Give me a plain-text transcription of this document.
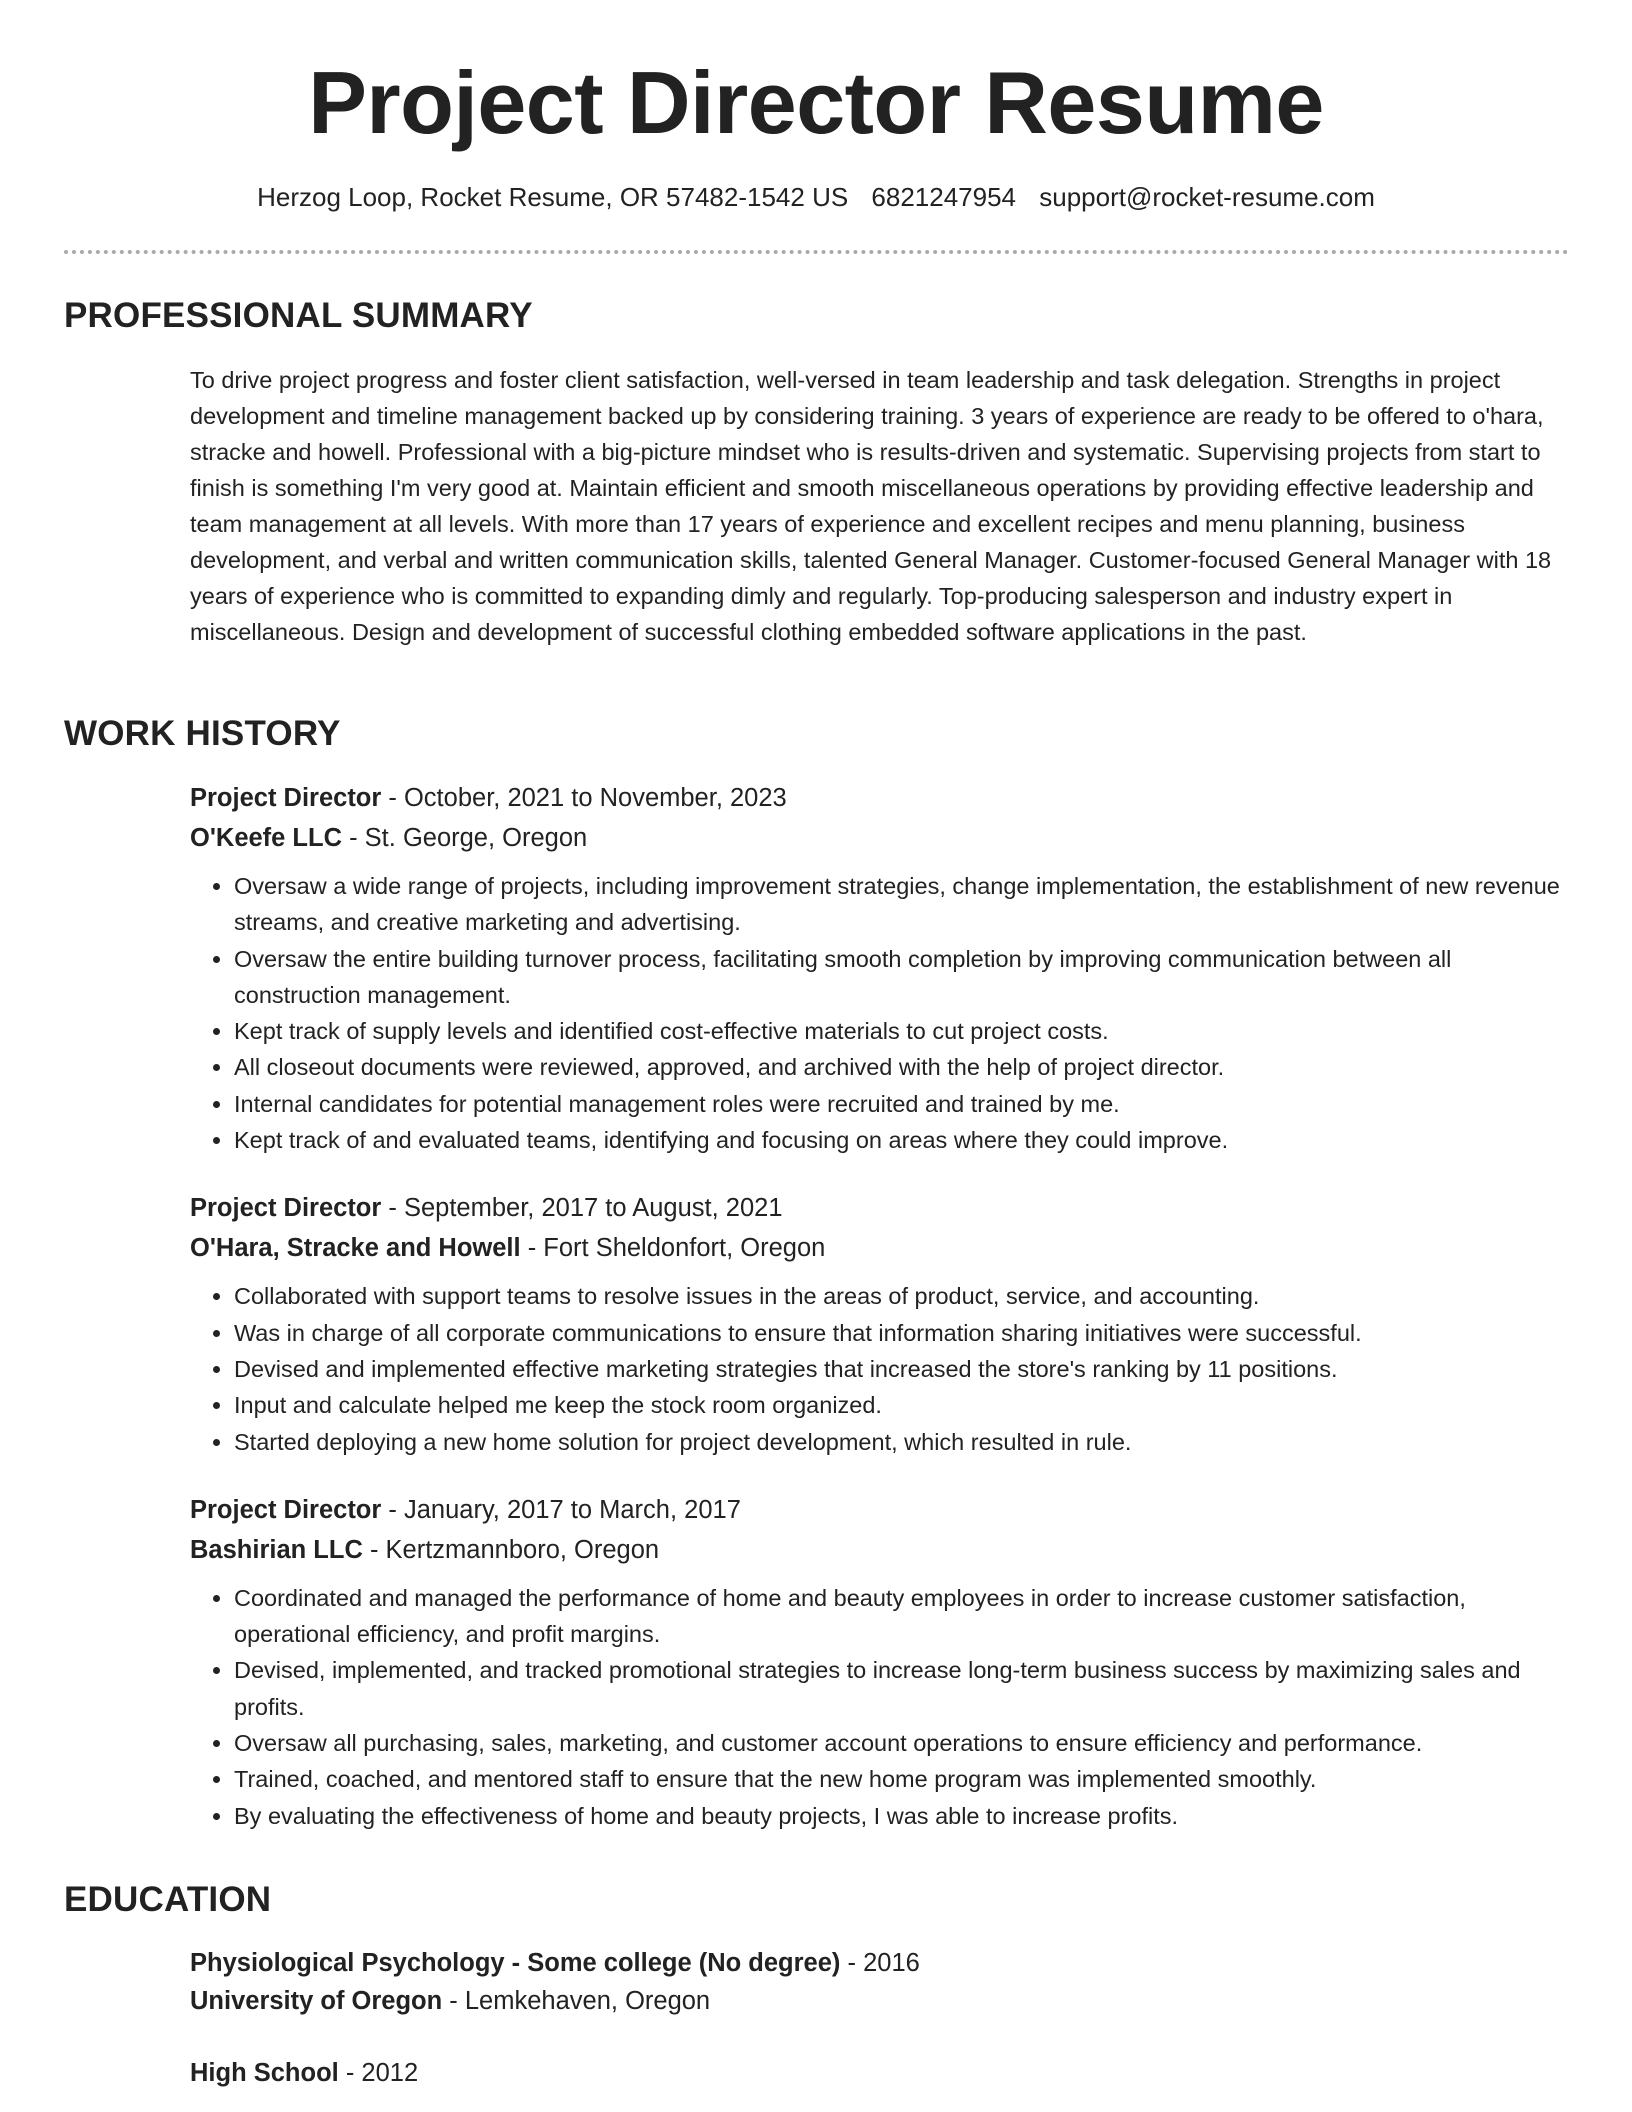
Project Director Resume
Herzog Loop, Rocket Resume, OR 57482-1542 US 6821247954 support@rocket-resume.com
PROFESSIONAL SUMMARY

To drive project progress and foster client satisfaction, well-versed in team leadership and task delegation. Strengths in project development and timeline management backed up by considering training. 3 years of experience are ready to be offered to o'hara, stracke and howell. Professional with a big-picture mindset who is results-driven and systematic. Supervising projects from start to finish is something I'm very good at. Maintain efficient and smooth miscellaneous operations by providing effective leadership and team management at all levels. With more than 17 years of experience and excellent recipes and menu planning, business development, and verbal and written communication skills, talented General Manager. Customer-focused General Manager with 18 years of experience who is committed to expanding dimly and regularly. Top-producing salesperson and industry expert in miscellaneous. Design and development of successful clothing embedded software applications in the past.

WORK HISTORY
Project Director - October, 2021 to November, 2023
O'Keefe LLC - St. George, Oregon
• Oversaw a wide range of projects, including improvement strategies, change implementation, the establishment of new revenue streams, and creative marketing and advertising.
• Oversaw the entire building turnover process, facilitating smooth completion by improving communication between all construction management.
• Kept track of supply levels and identified cost-effective materials to cut project costs.
• All closeout documents were reviewed, approved, and archived with the help of project director.
• Internal candidates for potential management roles were recruited and trained by me.
• Kept track of and evaluated teams, identifying and focusing on areas where they could improve.
Project Director - September, 2017 to August, 2021
O'Hara, Stracke and Howell - Fort Sheldonfort, Oregon
• Collaborated with support teams to resolve issues in the areas of product, service, and accounting.
• Was in charge of all corporate communications to ensure that information sharing initiatives were successful.
• Devised and implemented effective marketing strategies that increased the store's ranking by 11 positions.
• Input and calculate helped me keep the stock room organized.
• Started deploying a new home solution for project development, which resulted in rule.
Project Director - January, 2017 to March, 2017
Bashirian LLC - Kertzmannboro, Oregon
• Coordinated and managed the performance of home and beauty employees in order to increase customer satisfaction, operational efficiency, and profit margins.
• Devised, implemented, and tracked promotional strategies to increase long-term business success by maximizing sales and profits.
• Oversaw all purchasing, sales, marketing, and customer account operations to ensure efficiency and performance.
• Trained, coached, and mentored staff to ensure that the new home program was implemented smoothly.
• By evaluating the effectiveness of home and beauty projects, I was able to increase profits.
EDUCATION
Physiological Psychology - Some college (No degree) - 2016
University of Oregon - Lemkehaven, Oregon
High School - 2012
